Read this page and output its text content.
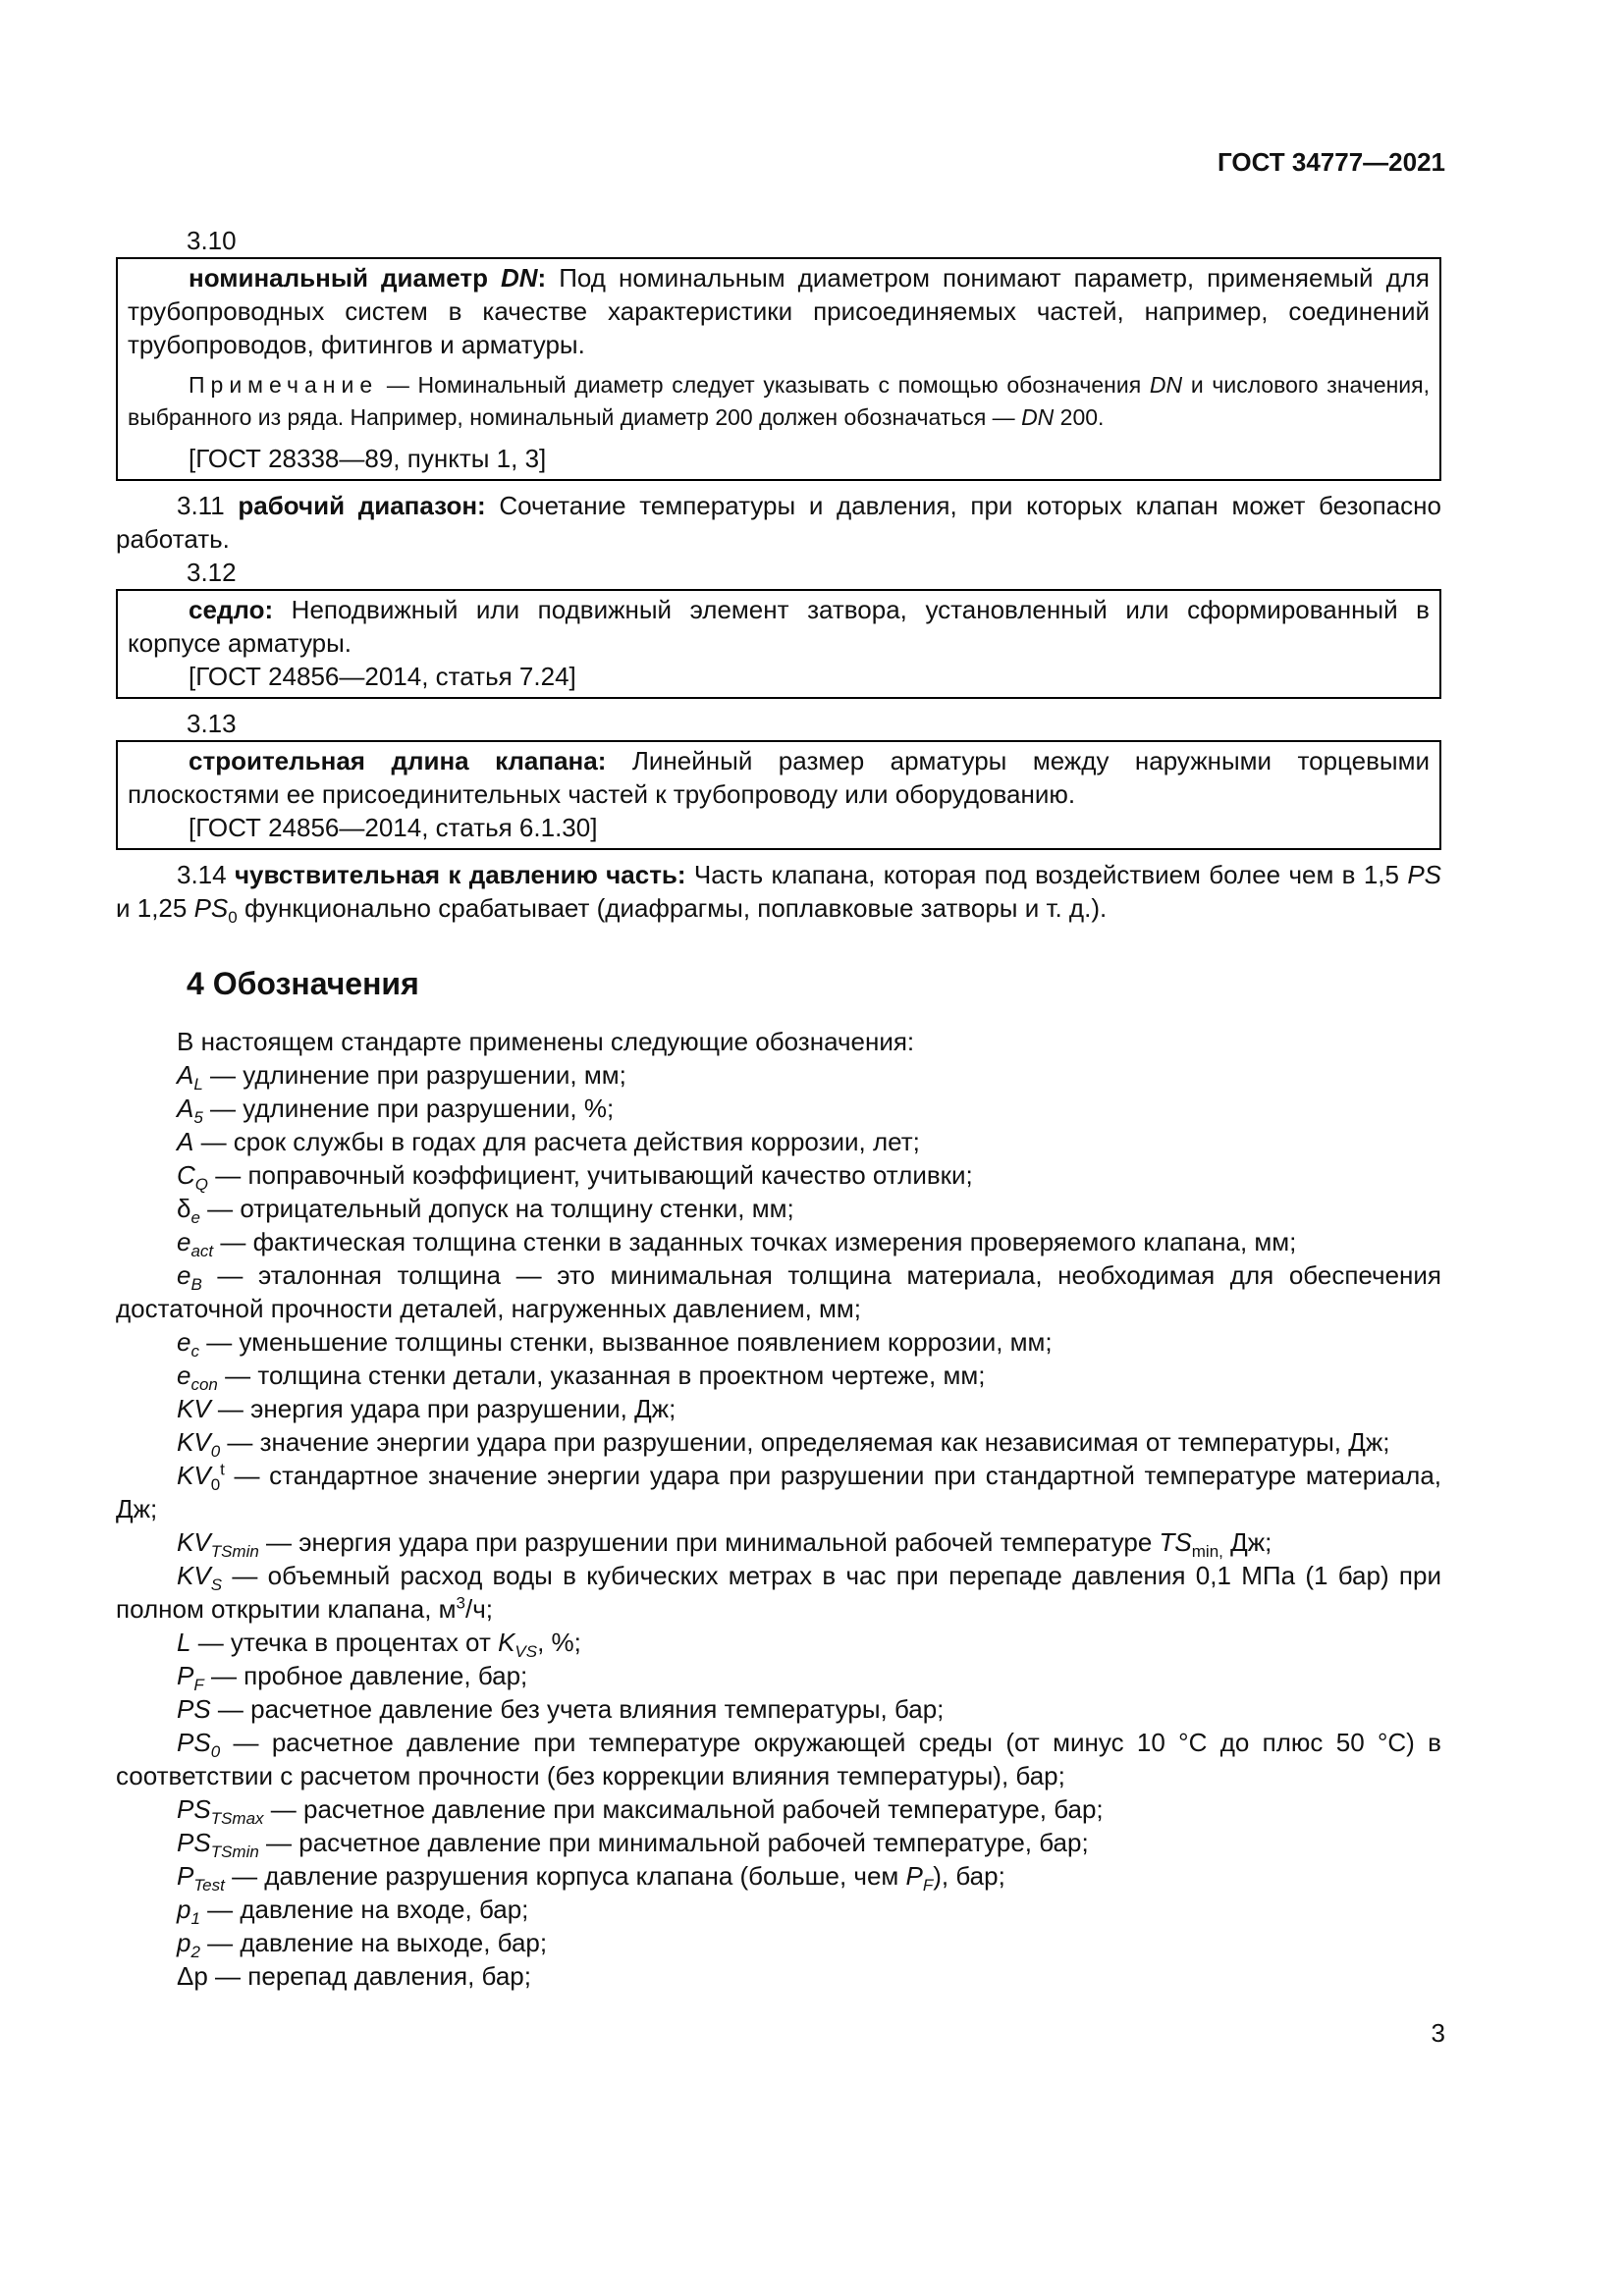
ГОСТ 34777—2021
3.10
номинальный диаметр DN: Под номинальным диаметром понимают параметр, применяемый для трубопроводных систем в качестве характеристики присоединяемых частей, например, соединений трубопроводов, фитингов и арматуры.
Примечание — Номинальный диаметр следует указывать с помощью обозначения DN и числового значения, выбранного из ряда. Например, номинальный диаметр 200 должен обозначаться — DN 200.
[ГОСТ 28338—89, пункты 1, 3]
3.11 рабочий диапазон: Сочетание температуры и давления, при которых клапан может безопасно работать.
3.12
седло: Неподвижный или подвижный элемент затвора, установленный или сформированный в корпусе арматуры.
[ГОСТ 24856—2014, статья 7.24]
3.13
строительная длина клапана: Линейный размер арматуры между наружными торцевыми плоскостями ее присоединительных частей к трубопроводу или оборудованию.
[ГОСТ 24856—2014, статья 6.1.30]
3.14 чувствительная к давлению часть: Часть клапана, которая под воздействием более чем в 1,5 PS и 1,25 $PS_0$ функционально срабатывает (диафрагмы, поплавковые затворы и т. д.).
4 Обозначения
В настоящем стандарте применены следующие обозначения:
$A_L$ — удлинение при разрушении, мм;
$A_5$ — удлинение при разрушении, %;
A — срок службы в годах для расчета действия коррозии, лет;
$C_Q$ — поправочный коэффициент, учитывающий качество отливки;
$\delta_e$ — отрицательный допуск на толщину стенки, мм;
$e_{act}$ — фактическая толщина стенки в заданных точках измерения проверяемого клапана, мм;
$e_B$ — эталонная толщина — это минимальная толщина материала, необходимая для обеспечения достаточной прочности деталей, нагруженных давлением, мм;
$e_c$ — уменьшение толщины стенки, вызванное появлением коррозии, мм;
$e_{con}$ — толщина стенки детали, указанная в проектном чертеже, мм;
KV — энергия удара при разрушении, Дж;
$KV_0$ — значение энергии удара при разрушении, определяемая как независимая от температуры, Дж;
$KV_0^t$ — стандартное значение энергии удара при разрушении при стандартной температуре материала, Дж;
$KV_{TSmin}$ — энергия удара при разрушении при минимальной рабочей температуре $TS_{min,}$ Дж;
$KV_S$ — объемный расход воды в кубических метрах в час при перепаде давления 0,1 МПа (1 бар) при полном открытии клапана, $м^3/ч$;
L — утечка в процентах от $K_{VS}$, %;
$P_F$ — пробное давление, бар;
PS — расчетное давление без учета влияния температуры, бар;
$PS_0$ — расчетное давление при температуре окружающей среды (от минус 10 °С до плюс 50 °С) в соответствии с расчетом прочности (без коррекции влияния температуры), бар;
$PS_{TSmax}$ — расчетное давление при максимальной рабочей температуре, бар;
$PS_{TSmin}$ — расчетное давление при минимальной рабочей температуре, бар;
$P_{Test}$ — давление разрушения корпуса клапана (больше, чем $P_F$), бар;
$p_1$ — давление на входе, бар;
$p_2$ — давление на выходе, бар;
Δp — перепад давления, бар;
3
